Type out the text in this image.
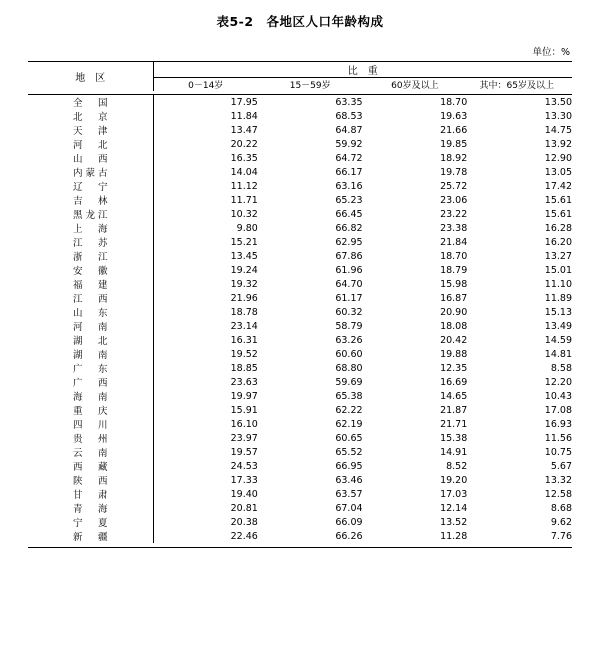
表5-2　各地区人口年龄构成
单位：%
地　区	比　重			
	0－14岁	15－59岁	60岁及以上	其中：65岁及以上

全　国	17.95	63.35	18.70	13.50
北　京	11.84	68.53	19.63	13.30
天　津	13.47	64.87	21.66	14.75
河　北	20.22	59.92	19.85	13.92
山　西	16.35	64.72	18.92	12.90
内蒙古	14.04	66.17	19.78	13.05
辽　宁	11.12	63.16	25.72	17.42
吉　林	11.71	65.23	23.06	15.61
黑龙江	10.32	66.45	23.22	15.61
上　海	9.80	66.82	23.38	16.28
江　苏	15.21	62.95	21.84	16.20
浙　江	13.45	67.86	18.70	13.27
安　徽	19.24	61.96	18.79	15.01
福　建	19.32	64.70	15.98	11.10
江　西	21.96	61.17	16.87	11.89
山　东	18.78	60.32	20.90	15.13
河　南	23.14	58.79	18.08	13.49
湖　北	16.31	63.26	20.42	14.59
湖　南	19.52	60.60	19.88	14.81
广　东	18.85	68.80	12.35	8.58
广　西	23.63	59.69	16.69	12.20
海　南	19.97	65.38	14.65	10.43
重　庆	15.91	62.22	21.87	17.08
四　川	16.10	62.19	21.71	16.93
贵　州	23.97	60.65	15.38	11.56
云　南	19.57	65.52	14.91	10.75
西　藏	24.53	66.95	8.52	5.67
陕　西	17.33	63.46	19.20	13.32
甘　肃	19.40	63.57	17.03	12.58
青　海	20.81	67.04	12.14	8.68
宁　夏	20.38	66.09	13.52	9.62
新　疆	22.46	66.26	11.28	7.76
